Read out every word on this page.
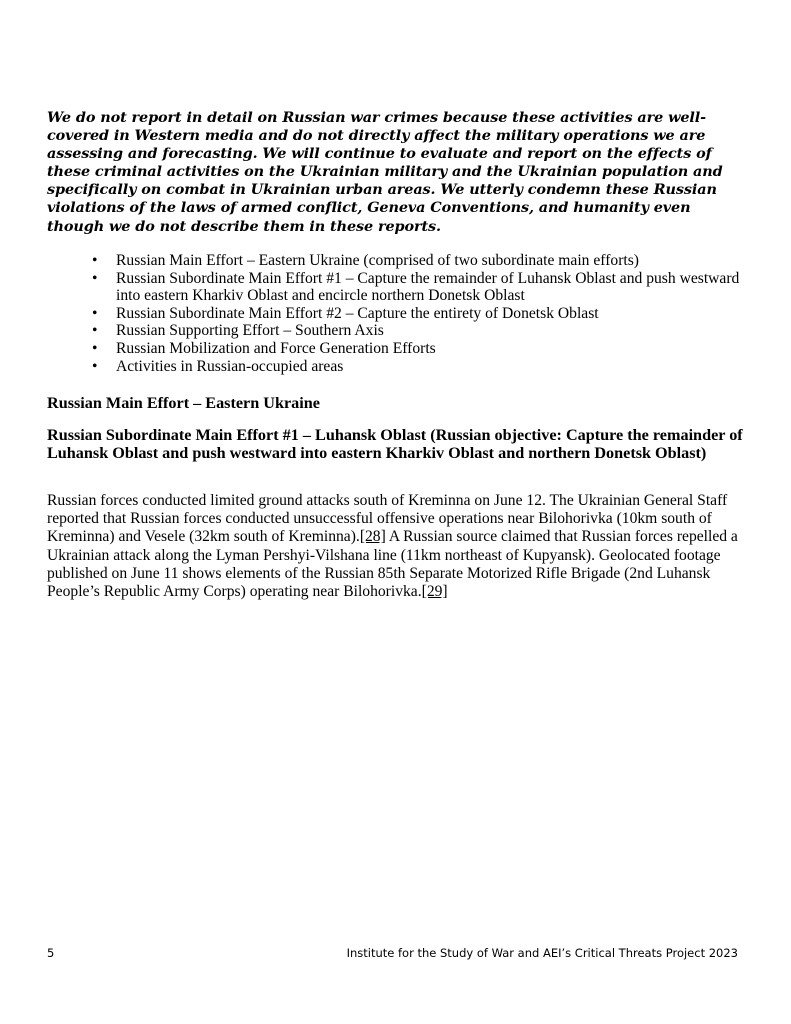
We do not report in detail on Russian war crimes because these activities are well-covered in Western media and do not directly affect the military operations we are assessing and forecasting. We will continue to evaluate and report on the effects of these criminal activities on the Ukrainian military and the Ukrainian population and specifically on combat in Ukrainian urban areas. We utterly condemn these Russian violations of the laws of armed conflict, Geneva Conventions, and humanity even though we do not describe them in these reports.

• Russian Main Effort – Eastern Ukraine (comprised of two subordinate main efforts)
• Russian Subordinate Main Effort #1 – Capture the remainder of Luhansk Oblast and push westward into eastern Kharkiv Oblast and encircle northern Donetsk Oblast
• Russian Subordinate Main Effort #2 – Capture the entirety of Donetsk Oblast
• Russian Supporting Effort – Southern Axis
• Russian Mobilization and Force Generation Efforts
• Activities in Russian-occupied areas
Russian Main Effort – Eastern Ukraine
Russian Subordinate Main Effort #1 – Luhansk Oblast (Russian objective: Capture the remainder of Luhansk Oblast and push westward into eastern Kharkiv Oblast and northern Donetsk Oblast)

Russian forces conducted limited ground attacks south of Kreminna on June 12. The Ukrainian General Staff reported that Russian forces conducted unsuccessful offensive operations near Bilohorivka (10km south of Kreminna) and Vesele (32km south of Kreminna).[28] A Russian source claimed that Russian forces repelled a Ukrainian attack along the Lyman Pershyi-Vilshana line (11km northeast of Kupyansk). Geolocated footage published on June 11 shows elements of the Russian 85th Separate Motorized Rifle Brigade (2nd Luhansk People’s Republic Army Corps) operating near Bilohorivka.[29]

5	Institute for the Study of War and AEI’s Critical Threats Project 2023
